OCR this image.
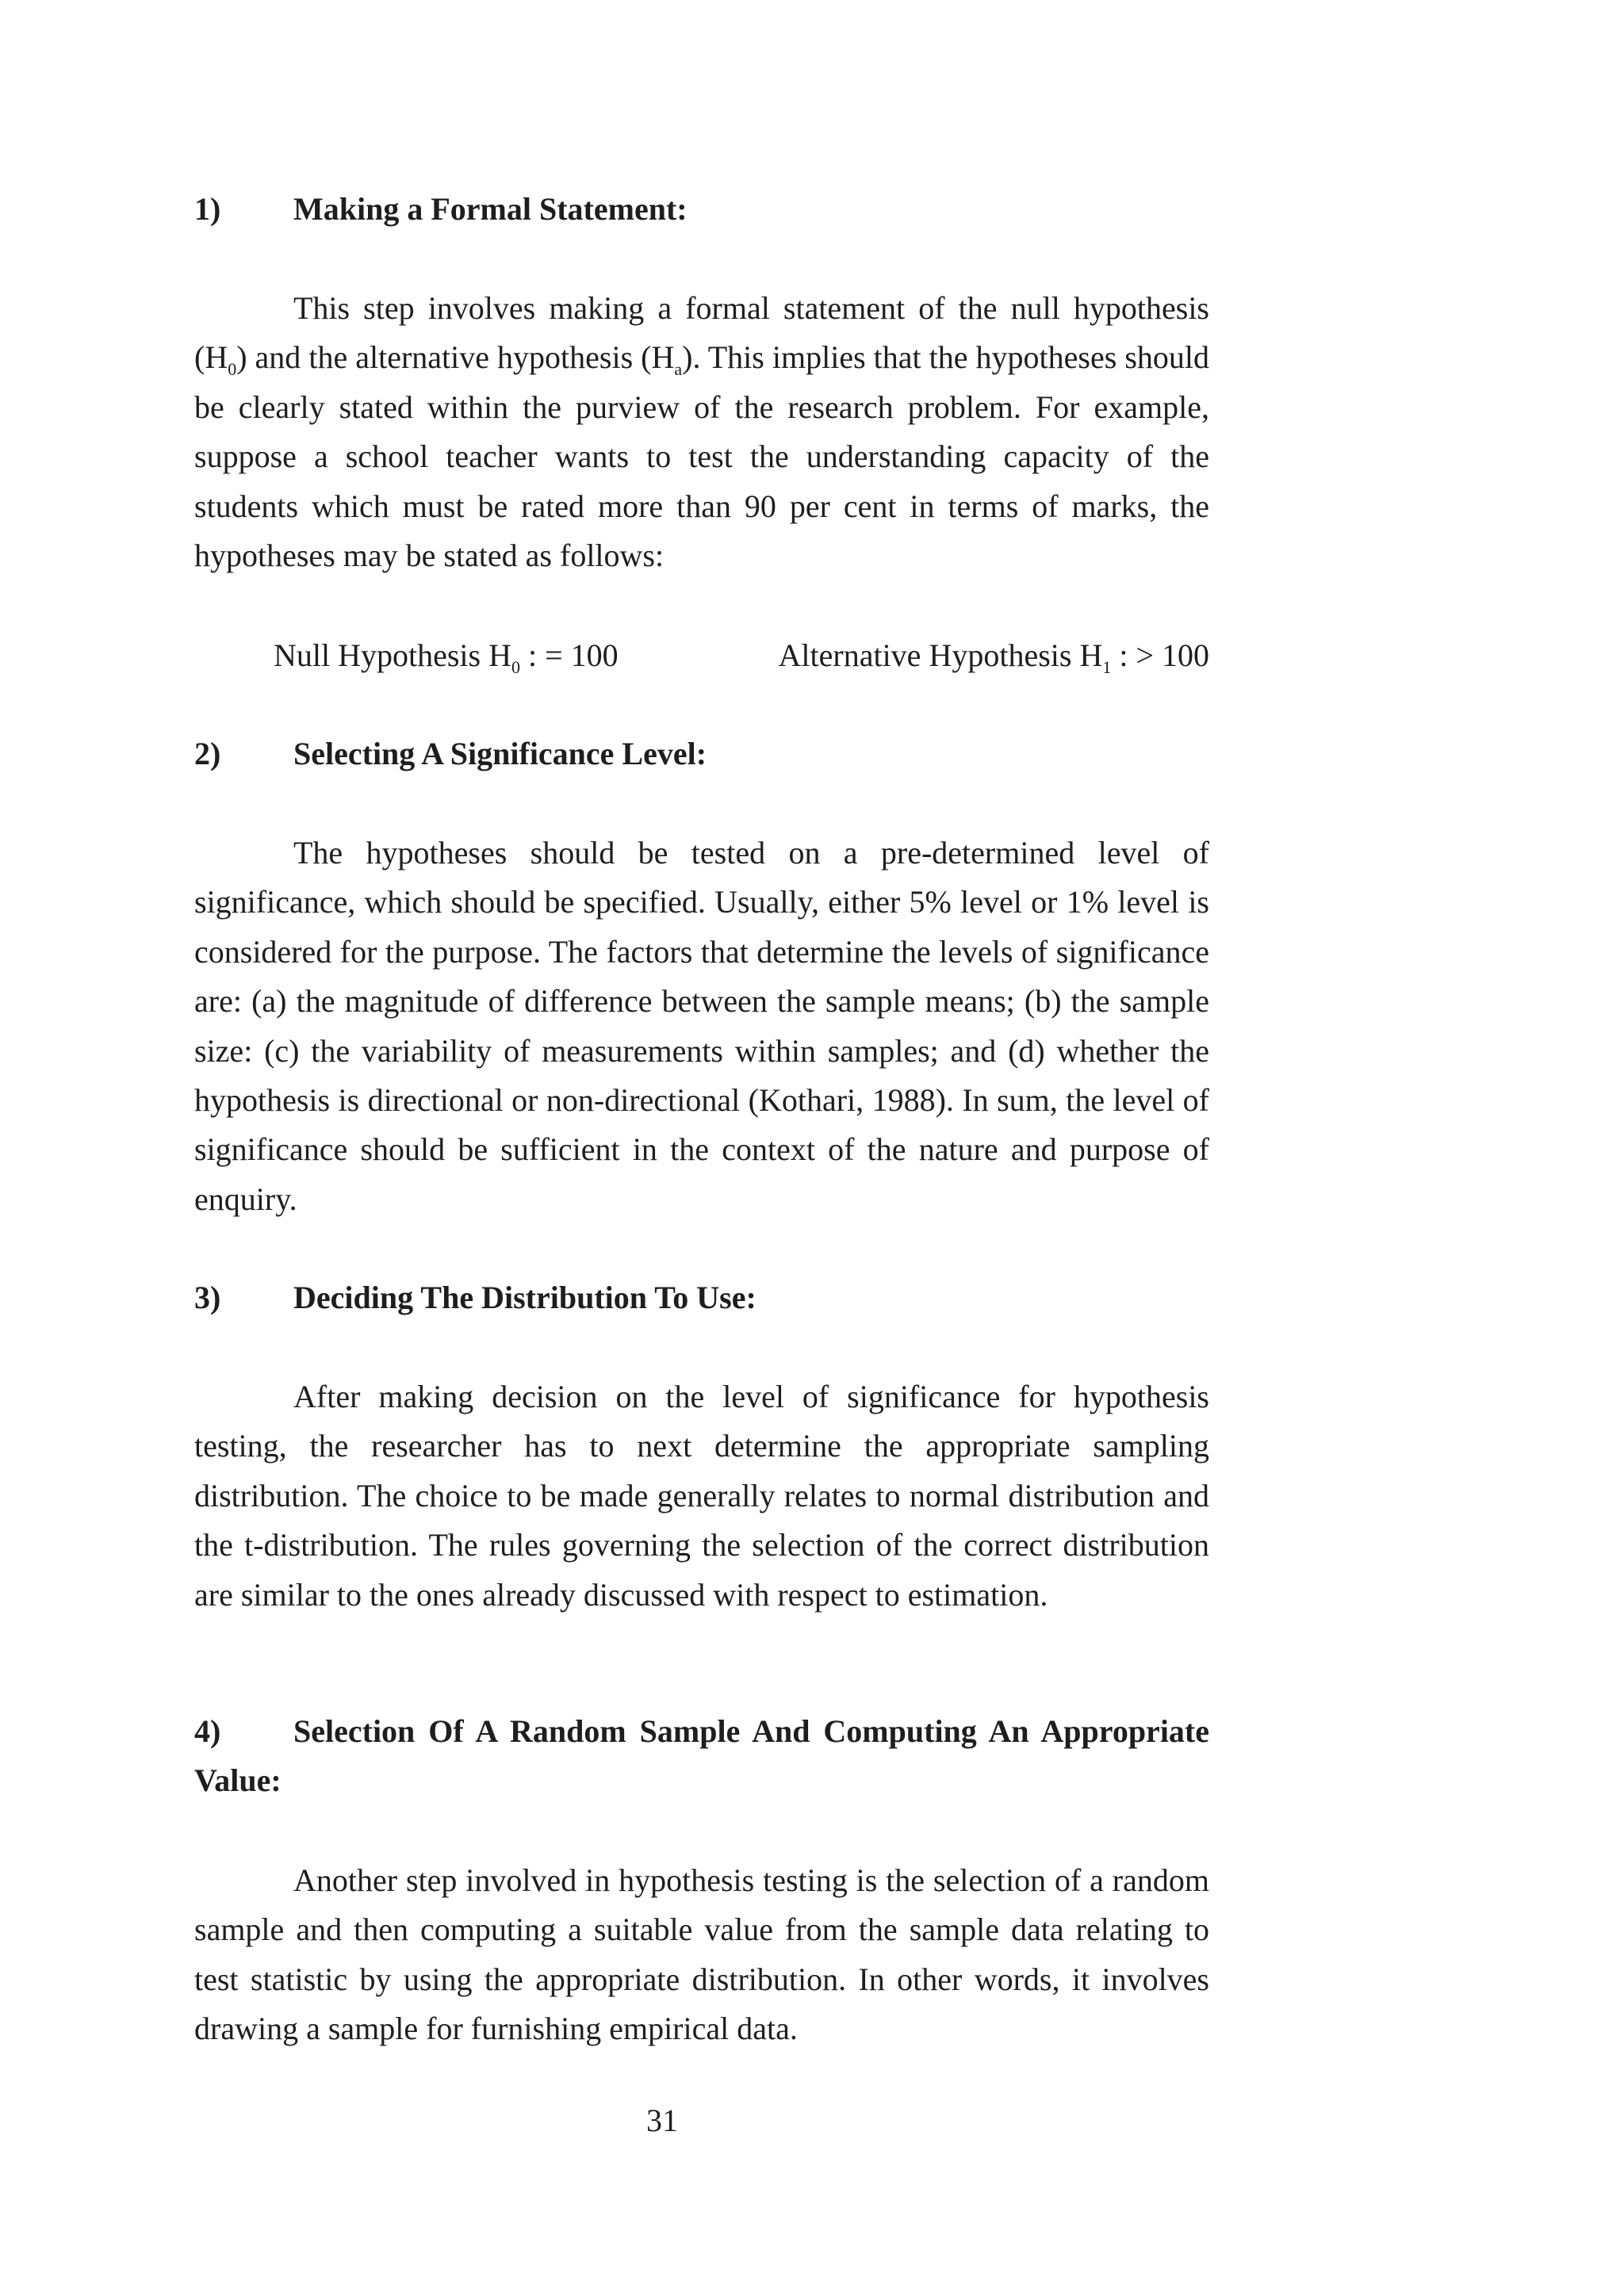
1) Making a Formal Statement:

This step involves making a formal statement of the null hypothesis $(H_0)$ and the alternative hypothesis $(H_a)$. This implies that the hypotheses should be clearly stated within the purview of the research problem. For example, suppose a school teacher wants to test the understanding capacity of the students which must be rated more than 90 per cent in terms of marks, the hypotheses may be stated as follows:

Null Hypothesis $H_0$ : = 100	Alternative Hypothesis $H_1$ : > 100
2) Selecting A Significance Level:

The hypotheses should be tested on a pre-determined level of significance, which should be specified. Usually, either 5% level or 1% level is considered for the purpose. The factors that determine the levels of significance are: (a) the magnitude of difference between the sample means; (b) the sample size: (c) the variability of measurements within samples; and (d) whether the hypothesis is directional or non-directional (Kothari, 1988). In sum, the level of significance should be sufficient in the context of the nature and purpose of enquiry.

3) Deciding The Distribution To Use:

After making decision on the level of significance for hypothesis testing, the researcher has to next determine the appropriate sampling distribution. The choice to be made generally relates to normal distribution and the t-distribution. The rules governing the selection of the correct distribution are similar to the ones already discussed with respect to estimation.

4) Selection Of A Random Sample And Computing An Appropriate Value:

Another step involved in hypothesis testing is the selection of a random sample and then computing a suitable value from the sample data relating to test statistic by using the appropriate distribution. In other words, it involves drawing a sample for furnishing empirical data.

31
